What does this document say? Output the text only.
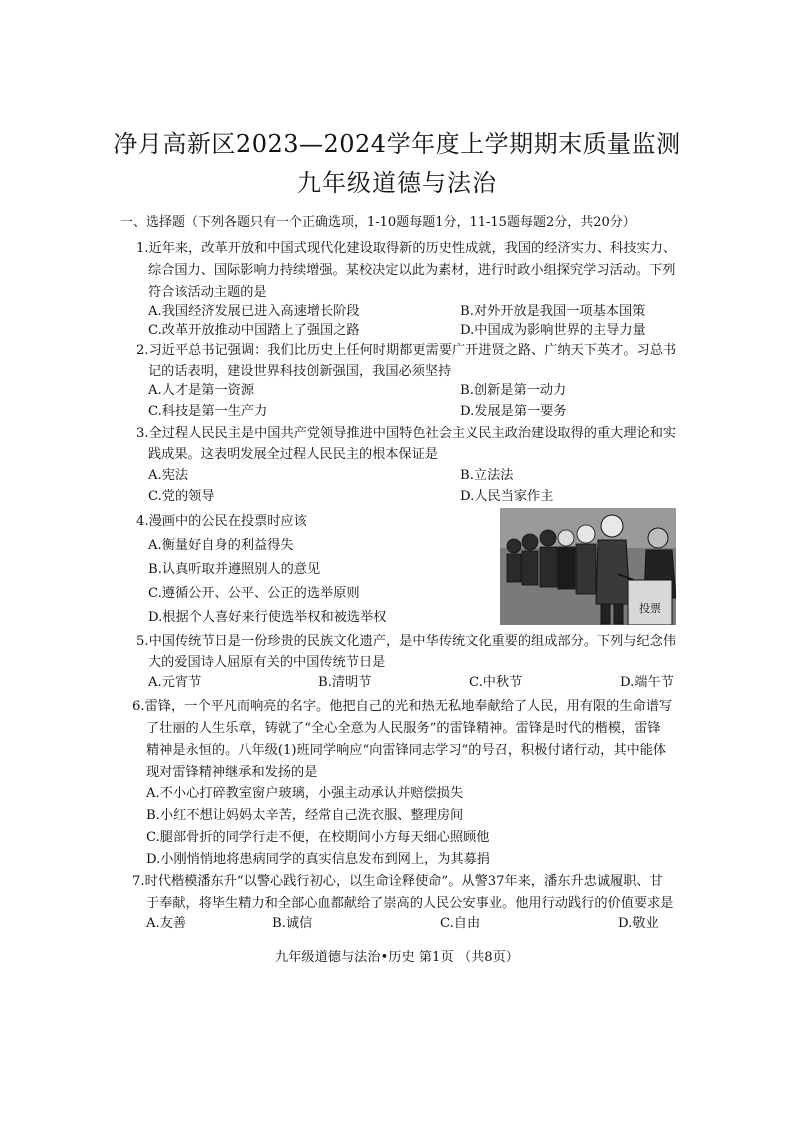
净月高新区2023—2024学年度上学期期末质量监测
九年级道德与法治
一、选择题（下列各题只有一个正确选项，1-10题每题1分，11-15题每题2分，共20分）
1.近年来，改革开放和中国式现代化建设取得新的历史性成就，我国的经济实力、科技实力、
综合国力、国际影响力持续增强。某校决定以此为素材，进行时政小组探究学习活动。下列
符合该活动主题的是
A.我国经济发展已进入高速增长阶段	B.对外开放是我国一项基本国策
C.改革开放推动中国踏上了强国之路	D.中国成为影响世界的主导力量
2.习近平总书记强调：我们比历史上任何时期都更需要广开进贤之路、广纳天下英才。习总书
记的话表明，建设世界科技创新强国，我国必须坚持
A.人才是第一资源	B.创新是第一动力
C.科技是第一生产力	D.发展是第一要务
3.全过程人民民主是中国共产党领导推进中国特色社会主义民主政治建设取得的重大理论和实
践成果。这表明发展全过程人民民主的根本保证是
A.宪法	B.立法法
C.党的领导	D.人民当家作主
4.漫画中的公民在投票时应该
A.衡量好自身的利益得失
B.认真听取并遵照别人的意见
C.遵循公开、公平、公正的选举原则
D.根据个人喜好来行使选举权和被选举权
投票
5.中国传统节日是一份珍贵的民族文化遗产，是中华传统文化重要的组成部分。下列与纪念伟
大的爱国诗人屈原有关的中国传统节日是
A.元宵节	B.清明节	C.中秋节	D.端午节
6.雷锋，一个平凡而响亮的名字。他把自己的光和热无私地奉献给了人民，用有限的生命谱写
了壮丽的人生乐章，铸就了“全心全意为人民服务”的雷锋精神。雷锋是时代的楷模，雷锋
精神是永恒的。八年级(1)班同学响应“向雷锋同志学习”的号召，积极付诸行动，其中能体
现对雷锋精神继承和发扬的是
A.不小心打碎教室窗户玻璃，小强主动承认并赔偿损失
B.小红不想让妈妈太辛苦，经常自己洗衣服、整理房间
C.腿部骨折的同学行走不便，在校期间小方每天细心照顾他
D.小刚悄悄地将患病同学的真实信息发布到网上，为其募捐
7.时代楷模潘东升“以警心践行初心，以生命诠释使命”。从警37年来，潘东升忠诚履职、甘
于奉献，将毕生精力和全部心血都献给了崇高的人民公安事业。他用行动践行的价值要求是
A.友善	B.诚信	C.自由	D.敬业
九年级道德与法治•历史 第1页 （共8页）
